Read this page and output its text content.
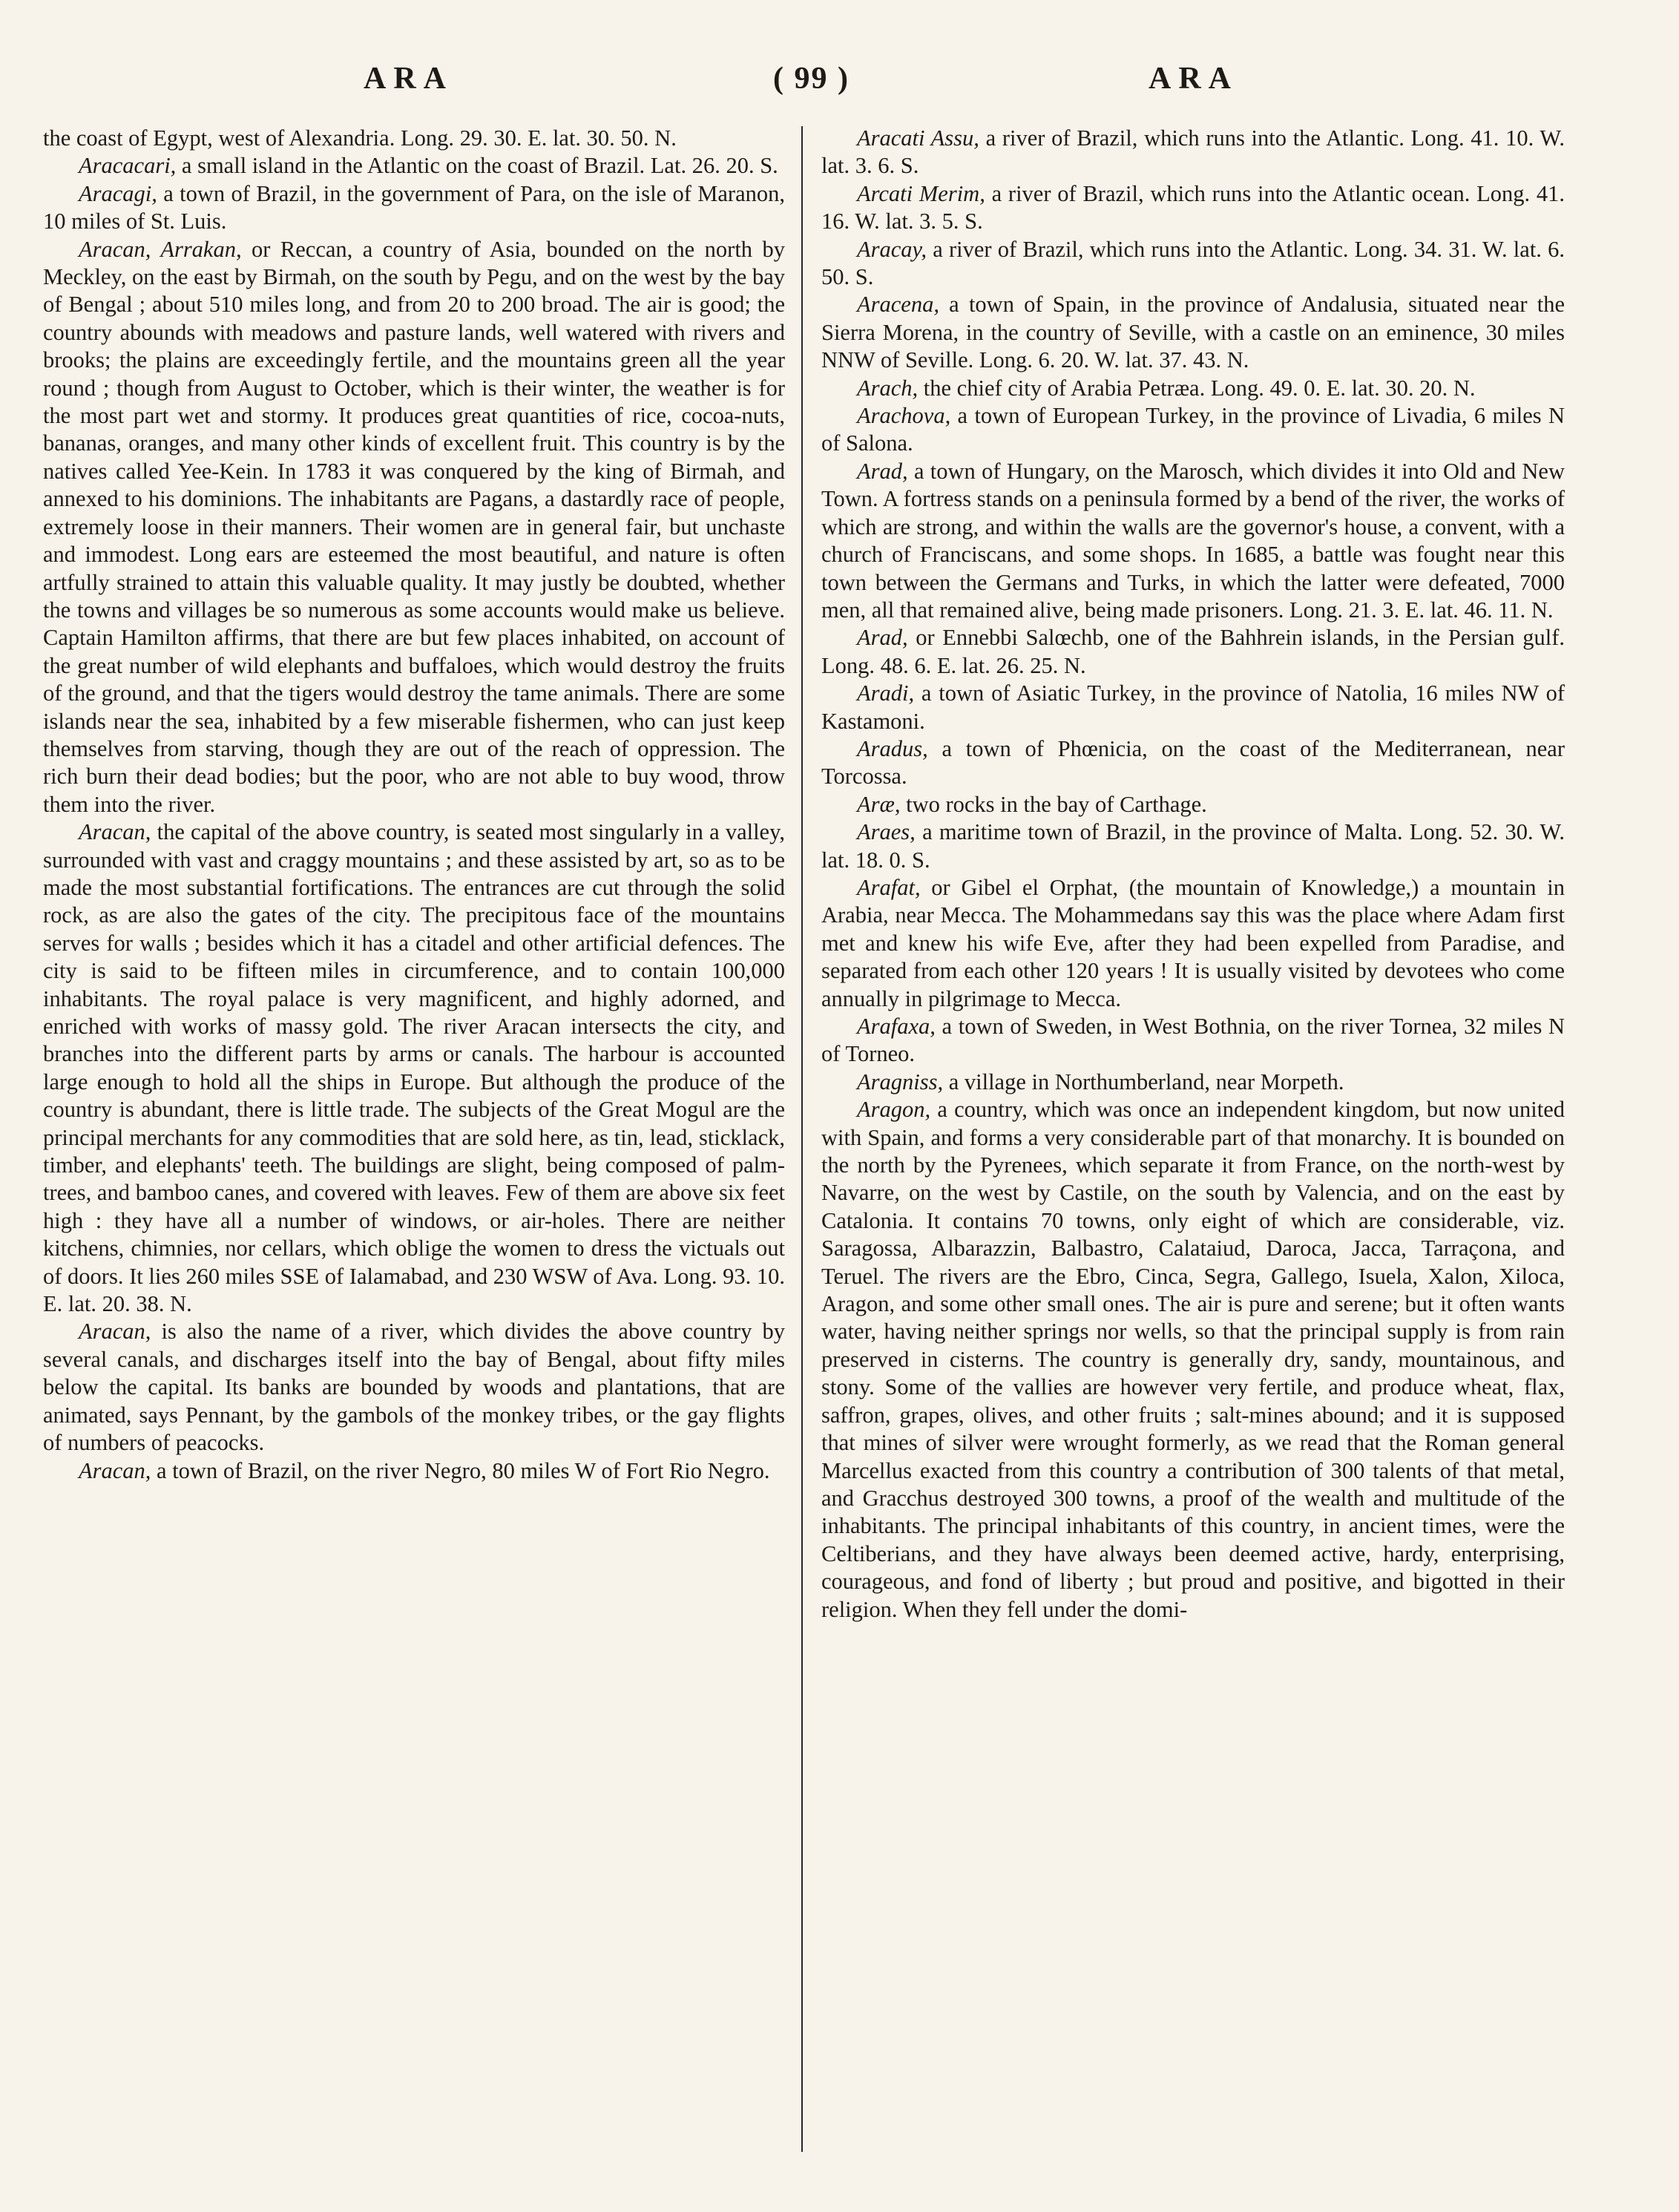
ARA	( 99 )	ARA

the coast of Egypt, west of Alexandria. Long. 29. 30. E. lat. 30. 50. N.

Aracacari, a small island in the Atlantic on the coast of Brazil. Lat. 26. 20. S.

Aracagi, a town of Brazil, in the government of Para, on the isle of Maranon, 10 miles of St. Luis.

Aracan, Arrakan, or Reccan, a country of Asia, bounded on the north by Meckley, on the east by Birmah, on the south by Pegu, and on the west by the bay of Bengal ; about 510 miles long, and from 20 to 200 broad. The air is good; the country abounds with meadows and pasture lands, well watered with rivers and brooks; the plains are exceedingly fertile, and the mountains green all the year round ; though from August to October, which is their winter, the weather is for the most part wet and stormy. It produces great quantities of rice, cocoa-nuts, bananas, oranges, and many other kinds of excellent fruit. This country is by the natives called Yee-Kein. In 1783 it was conquered by the king of Birmah, and annexed to his dominions. The inhabitants are Pagans, a dastardly race of people, extremely loose in their manners. Their women are in general fair, but unchaste and immodest. Long ears are esteemed the most beautiful, and nature is often artfully strained to attain this valuable quality. It may justly be doubted, whether the towns and villages be so numerous as some accounts would make us believe. Captain Hamilton affirms, that there are but few places inhabited, on account of the great number of wild elephants and buffaloes, which would destroy the fruits of the ground, and that the tigers would destroy the tame animals. There are some islands near the sea, inhabited by a few miserable fishermen, who can just keep themselves from starving, though they are out of the reach of oppression. The rich burn their dead bodies; but the poor, who are not able to buy wood, throw them into the river.

Aracan, the capital of the above country, is seated most singularly in a valley, surrounded with vast and craggy mountains ; and these assisted by art, so as to be made the most substantial fortifications. The entrances are cut through the solid rock, as are also the gates of the city. The precipitous face of the mountains serves for walls ; besides which it has a citadel and other artificial defences. The city is said to be fifteen miles in circumference, and to contain 100,000 inhabitants. The royal palace is very magnificent, and highly adorned, and enriched with works of massy gold. The river Aracan intersects the city, and branches into the different parts by arms or canals. The harbour is accounted large enough to hold all the ships in Europe. But although the produce of the country is abundant, there is little trade. The subjects of the Great Mogul are the principal merchants for any commodities that are sold here, as tin, lead, sticklack, timber, and elephants' teeth. The buildings are slight, being composed of palm-trees, and bamboo canes, and covered with leaves. Few of them are above six feet high : they have all a number of windows, or air-holes. There are neither kitchens, chimnies, nor cellars, which oblige the women to dress the victuals out of doors. It lies 260 miles SSE of Ialamabad, and 230 WSW of Ava. Long. 93. 10. E. lat. 20. 38. N.

Aracan, is also the name of a river, which divides the above country by several canals, and discharges itself into the bay of Bengal, about fifty miles below the capital. Its banks are bounded by woods and plantations, that are animated, says Pennant, by the gambols of the monkey tribes, or the gay flights of numbers of peacocks.

Aracan, a town of Brazil, on the river Negro, 80 miles W of Fort Rio Negro.

Aracati Assu, a river of Brazil, which runs into the Atlantic. Long. 41. 10. W. lat. 3. 6. S.

Arcati Merim, a river of Brazil, which runs into the Atlantic ocean. Long. 41. 16. W. lat. 3. 5. S.

Aracay, a river of Brazil, which runs into the Atlantic. Long. 34. 31. W. lat. 6. 50. S.

Aracena, a town of Spain, in the province of Andalusia, situated near the Sierra Morena, in the country of Seville, with a castle on an eminence, 30 miles NNW of Seville. Long. 6. 20. W. lat. 37. 43. N.

Arach, the chief city of Arabia Petræa. Long. 49. 0. E. lat. 30. 20. N.

Arachova, a town of European Turkey, in the province of Livadia, 6 miles N of Salona.

Arad, a town of Hungary, on the Marosch, which divides it into Old and New Town. A fortress stands on a peninsula formed by a bend of the river, the works of which are strong, and within the walls are the governor's house, a convent, with a church of Franciscans, and some shops. In 1685, a battle was fought near this town between the Germans and Turks, in which the latter were defeated, 7000 men, all that remained alive, being made prisoners. Long. 21. 3. E. lat. 46. 11. N.

Arad, or Ennebbi Salœchb, one of the Bahhrein islands, in the Persian gulf. Long. 48. 6. E. lat. 26. 25. N.

Aradi, a town of Asiatic Turkey, in the province of Natolia, 16 miles NW of Kastamoni.

Aradus, a town of Phœnicia, on the coast of the Mediterranean, near Torcossa.

Aræ, two rocks in the bay of Carthage.

Araes, a maritime town of Brazil, in the province of Malta. Long. 52. 30. W. lat. 18. 0. S.

Arafat, or Gibel el Orphat, (the mountain of Knowledge,) a mountain in Arabia, near Mecca. The Mohammedans say this was the place where Adam first met and knew his wife Eve, after they had been expelled from Paradise, and separated from each other 120 years ! It is usually visited by devotees who come annually in pilgrimage to Mecca.

Arafaxa, a town of Sweden, in West Bothnia, on the river Tornea, 32 miles N of Torneo.

Aragniss, a village in Northumberland, near Morpeth.

Aragon, a country, which was once an independent kingdom, but now united with Spain, and forms a very considerable part of that monarchy. It is bounded on the north by the Pyrenees, which separate it from France, on the north-west by Navarre, on the west by Castile, on the south by Valencia, and on the east by Catalonia. It contains 70 towns, only eight of which are considerable, viz. Saragossa, Albarazzin, Balbastro, Calataiud, Daroca, Jacca, Tarraçona, and Teruel. The rivers are the Ebro, Cinca, Segra, Gallego, Isuela, Xalon, Xiloca, Aragon, and some other small ones. The air is pure and serene; but it often wants water, having neither springs nor wells, so that the principal supply is from rain preserved in cisterns. The country is generally dry, sandy, mountainous, and stony. Some of the vallies are however very fertile, and produce wheat, flax, saffron, grapes, olives, and other fruits ; salt-mines abound; and it is supposed that mines of silver were wrought formerly, as we read that the Roman general Marcellus exacted from this country a contribution of 300 talents of that metal, and Gracchus destroyed 300 towns, a proof of the wealth and multitude of the inhabitants. The principal inhabitants of this country, in ancient times, were the Celtiberians, and they have always been deemed active, hardy, enterprising, courageous, and fond of liberty ; but proud and positive, and bigotted in their religion. When they fell under the domi-
